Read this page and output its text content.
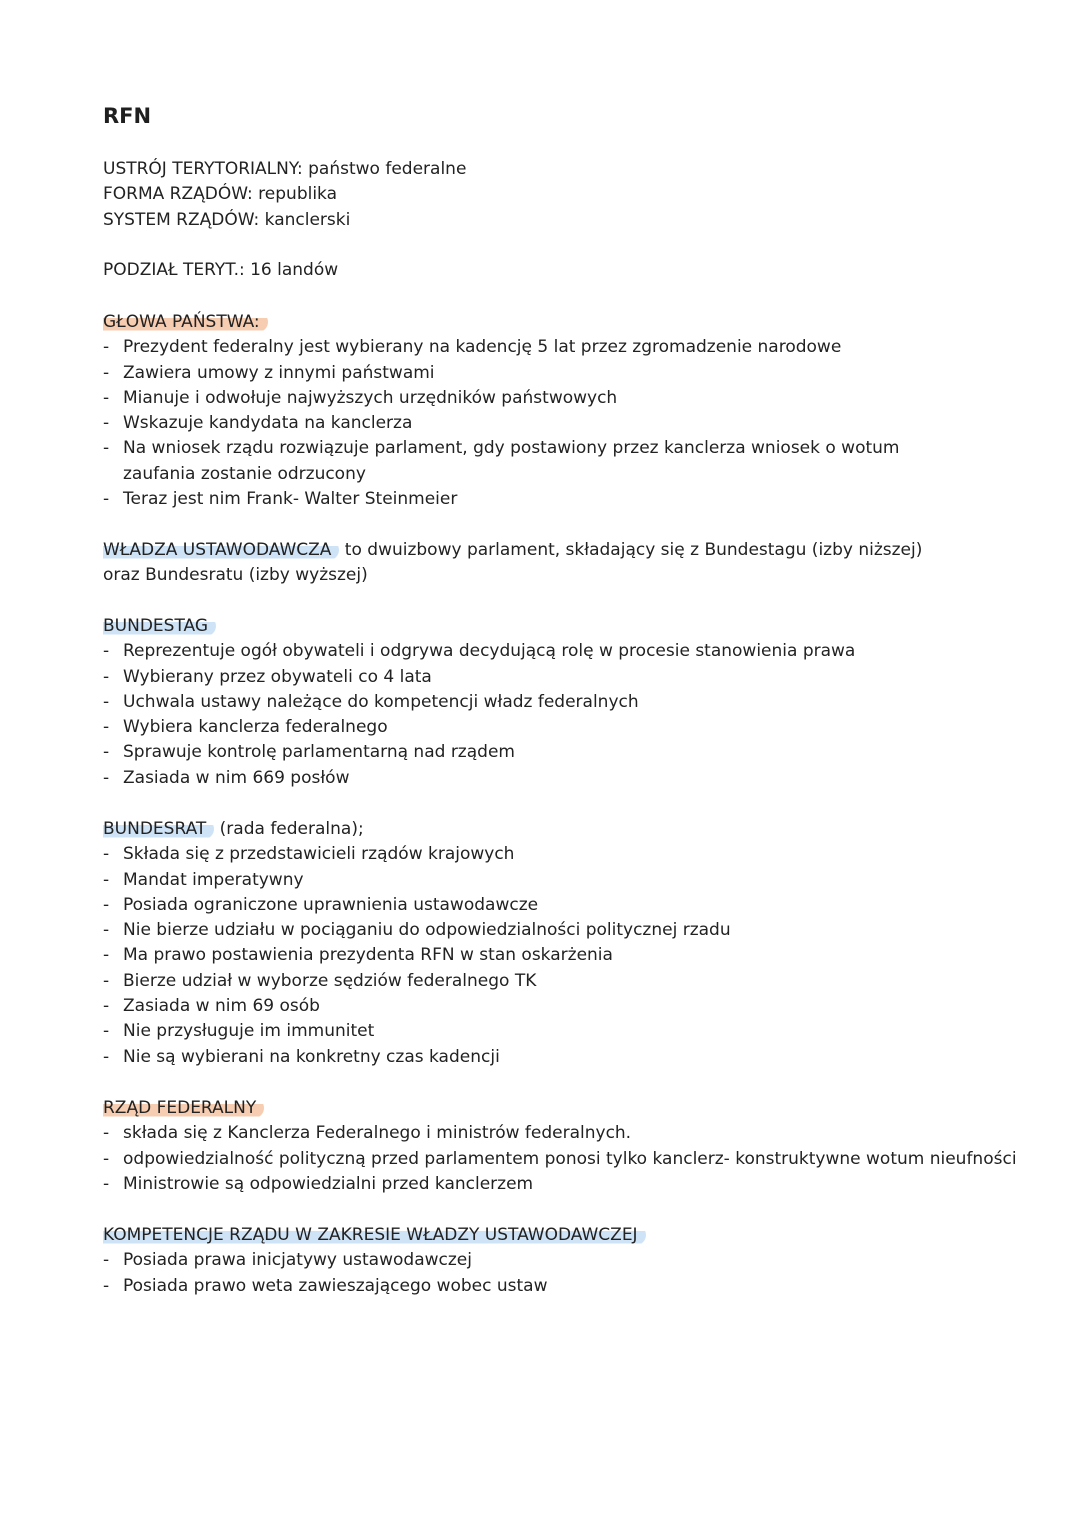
RFN
USTRÓJ TERYTORIALNY: państwo federalne
FORMA RZĄDÓW: republika
SYSTEM RZĄDÓW: kanclerski
PODZIAŁ TERYT.: 16 landów
GŁOWA PAŃSTWA:
- Prezydent federalny jest wybierany na kadencję 5 lat przez zgromadzenie narodowe
- Zawiera umowy z innymi państwami
- Mianuje i odwołuje najwyższych urzędników państwowych
- Wskazuje kandydata na kanclerza
- Na wniosek rządu rozwiązuje parlament, gdy postawiony przez kanclerza wniosek o wotum zaufania zostanie odrzucony
- Teraz jest nim Frank- Walter Steinmeier
WŁADZA USTAWODAWCZA to dwuizbowy parlament, składający się z Bundestagu (izby niższej) oraz Bundesratu (izby wyższej)
BUNDESTAG
- Reprezentuje ogół obywateli i odgrywa decydującą rolę w procesie stanowienia prawa
- Wybierany przez obywateli co 4 lata
- Uchwala ustawy należące do kompetencji władz federalnych
- Wybiera kanclerza federalnego
- Sprawuje kontrolę parlamentarną nad rządem
- Zasiada w nim 669 posłów
BUNDESRAT (rada federalna);
- Składa się z przedstawicieli rządów krajowych
- Mandat imperatywny
- Posiada ograniczone uprawnienia ustawodawcze
- Nie bierze udziału w pociąganiu do odpowiedzialności politycznej rzadu
- Ma prawo postawienia prezydenta RFN w stan oskarżenia
- Bierze udział w wyborze sędziów federalnego TK
- Zasiada w nim 69 osób
- Nie przysługuje im immunitet
- Nie są wybierani na konkretny czas kadencji
RZĄD FEDERALNY
- składa się z Kanclerza Federalnego i ministrów federalnych.
- odpowiedzialność polityczną przed parlamentem ponosi tylko kanclerz- konstruktywne wotum nieufności
- Ministrowie są odpowiedzialni przed kanclerzem
KOMPETENCJE RZĄDU W ZAKRESIE WŁADZY USTAWODAWCZEJ
- Posiada prawa inicjatywy ustawodawczej
- Posiada prawo weta zawieszającego wobec ustaw
